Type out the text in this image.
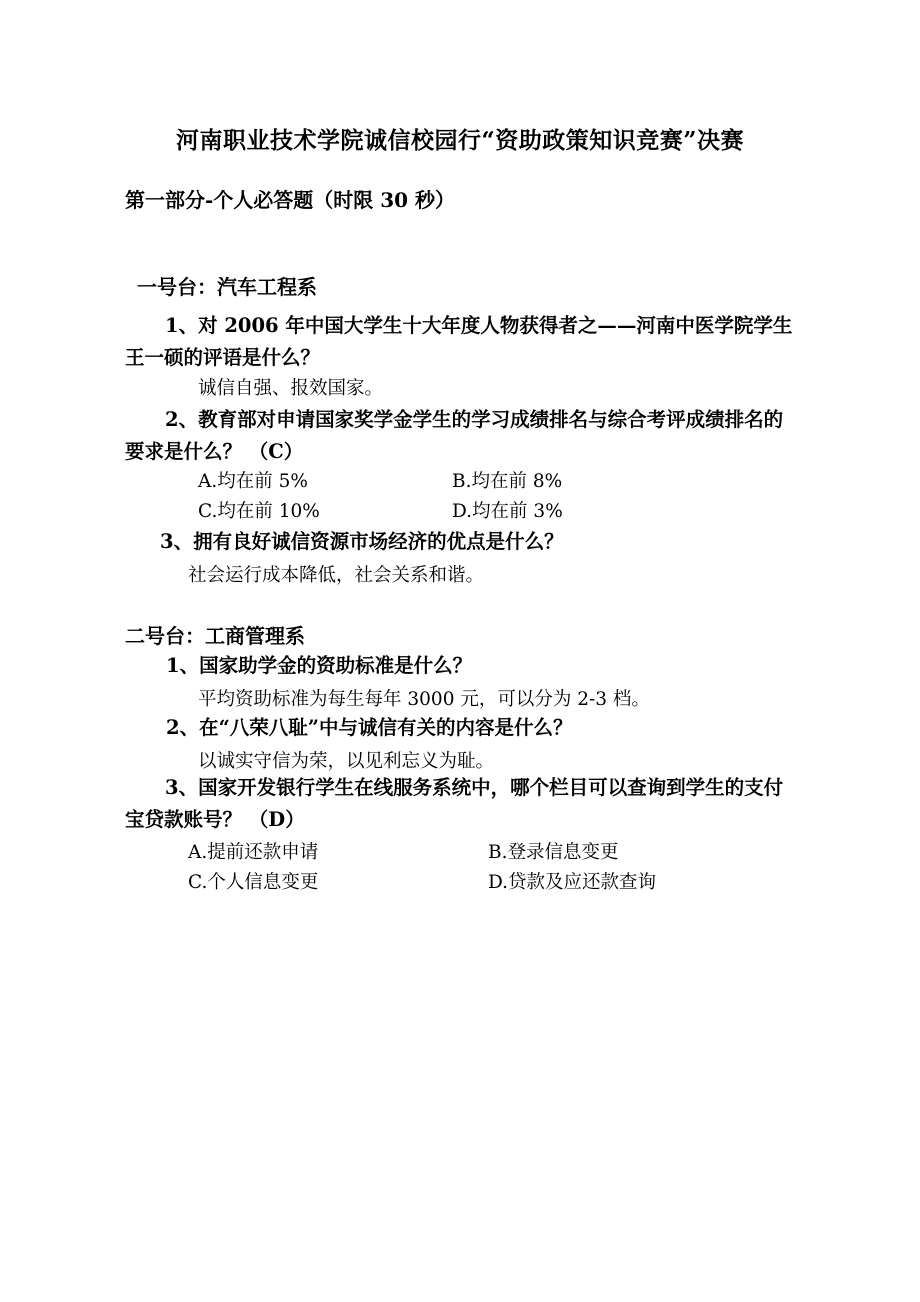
河南职业技术学院诚信校园行“资助政策知识竞赛”决赛
第一部分-个人必答题（时限 30 秒）
一号台：汽车工程系
1、对 2006 年中国大学生十大年度人物获得者之——河南中医学院学生王一硕的评语是什么？
诚信自强、报效国家。
2、教育部对申请国家奖学金学生的学习成绩排名与综合考评成绩排名的要求是什么？ （C）
A.均在前 5%	B.均在前 8%
C.均在前 10%	D.均在前 3%
3、拥有良好诚信资源市场经济的优点是什么？
社会运行成本降低，社会关系和谐。
二号台：工商管理系
1、国家助学金的资助标准是什么？
平均资助标准为每生每年 3000 元，可以分为 2-3 档。
2、在“八荣八耻”中与诚信有关的内容是什么？
以诚实守信为荣，以见利忘义为耻。
3、国家开发银行学生在线服务系统中，哪个栏目可以查询到学生的支付宝贷款账号？ （D）
A.提前还款申请	B.登录信息变更
C.个人信息变更	D.贷款及应还款查询
